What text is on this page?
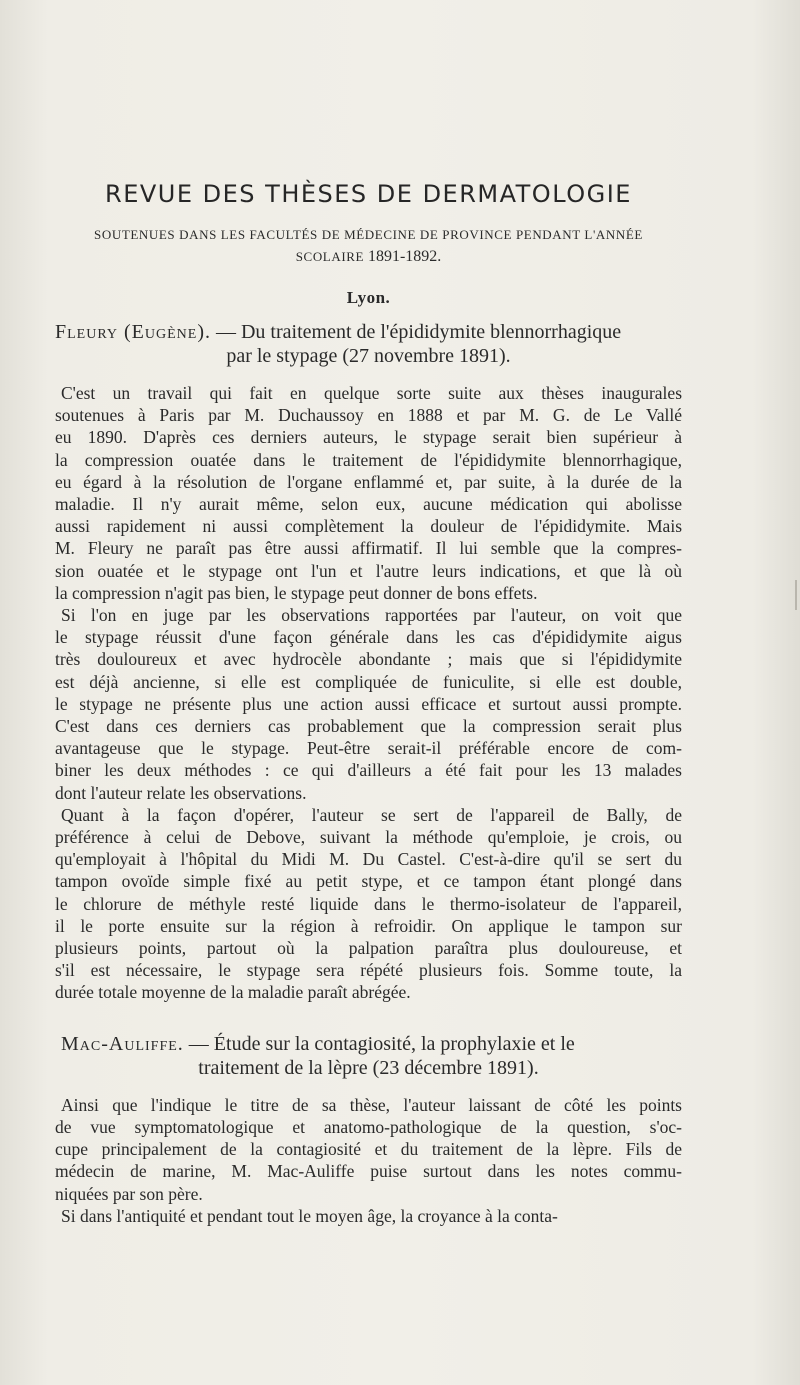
REVUE DES THÈSES DE DERMATOLOGIE
SOUTENUES DANS LES FACULTÉS DE MÉDECINE DE PROVINCE PENDANT L'ANNÉE
SCOLAIRE 1891-1892.
Lyon.
Fleury (Eugène). — Du traitement de l'épididymite blennorrhagique
par le stypage (27 novembre 1891).
C'est un travail qui fait en quelque sorte suite aux thèses inaugurales
soutenues à Paris par M. Duchaussoy en 1888 et par M. G. de Le Vallé
eu 1890. D'après ces derniers auteurs, le stypage serait bien supérieur à
la compression ouatée dans le traitement de l'épididymite blennorrhagique,
eu égard à la résolution de l'organe enflammé et, par suite, à la durée de la
maladie. Il n'y aurait même, selon eux, aucune médication qui abolisse
aussi rapidement ni aussi complètement la douleur de l'épididymite. Mais
M. Fleury ne paraît pas être aussi affirmatif. Il lui semble que la compres-
sion ouatée et le stypage ont l'un et l'autre leurs indications, et que là où
la compression n'agit pas bien, le stypage peut donner de bons effets.
Si l'on en juge par les observations rapportées par l'auteur, on voit que
le stypage réussit d'une façon générale dans les cas d'épididymite aigus
très douloureux et avec hydrocèle abondante ; mais que si l'épididymite
est déjà ancienne, si elle est compliquée de funiculite, si elle est double,
le stypage ne présente plus une action aussi efficace et surtout aussi prompte.
C'est dans ces derniers cas probablement que la compression serait plus
avantageuse que le stypage. Peut-être serait-il préférable encore de com-
biner les deux méthodes : ce qui d'ailleurs a été fait pour les 13 malades
dont l'auteur relate les observations.
Quant à la façon d'opérer, l'auteur se sert de l'appareil de Bally, de
préférence à celui de Debove, suivant la méthode qu'emploie, je crois, ou
qu'employait à l'hôpital du Midi M. Du Castel. C'est-à-dire qu'il se sert du
tampon ovoïde simple fixé au petit stype, et ce tampon étant plongé dans
le chlorure de méthyle resté liquide dans le thermo-isolateur de l'appareil,
il le porte ensuite sur la région à refroidir. On applique le tampon sur
plusieurs points, partout où la palpation paraîtra plus douloureuse, et
s'il est nécessaire, le stypage sera répété plusieurs fois. Somme toute, la
durée totale moyenne de la maladie paraît abrégée.
Mac-Auliffe. — Étude sur la contagiosité, la prophylaxie et le
traitement de la lèpre (23 décembre 1891).
Ainsi que l'indique le titre de sa thèse, l'auteur laissant de côté les points
de vue symptomatologique et anatomo-pathologique de la question, s'oc-
cupe principalement de la contagiosité et du traitement de la lèpre. Fils de
médecin de marine, M. Mac-Auliffe puise surtout dans les notes commu-
niquées par son père.
Si dans l'antiquité et pendant tout le moyen âge, la croyance à la conta-
